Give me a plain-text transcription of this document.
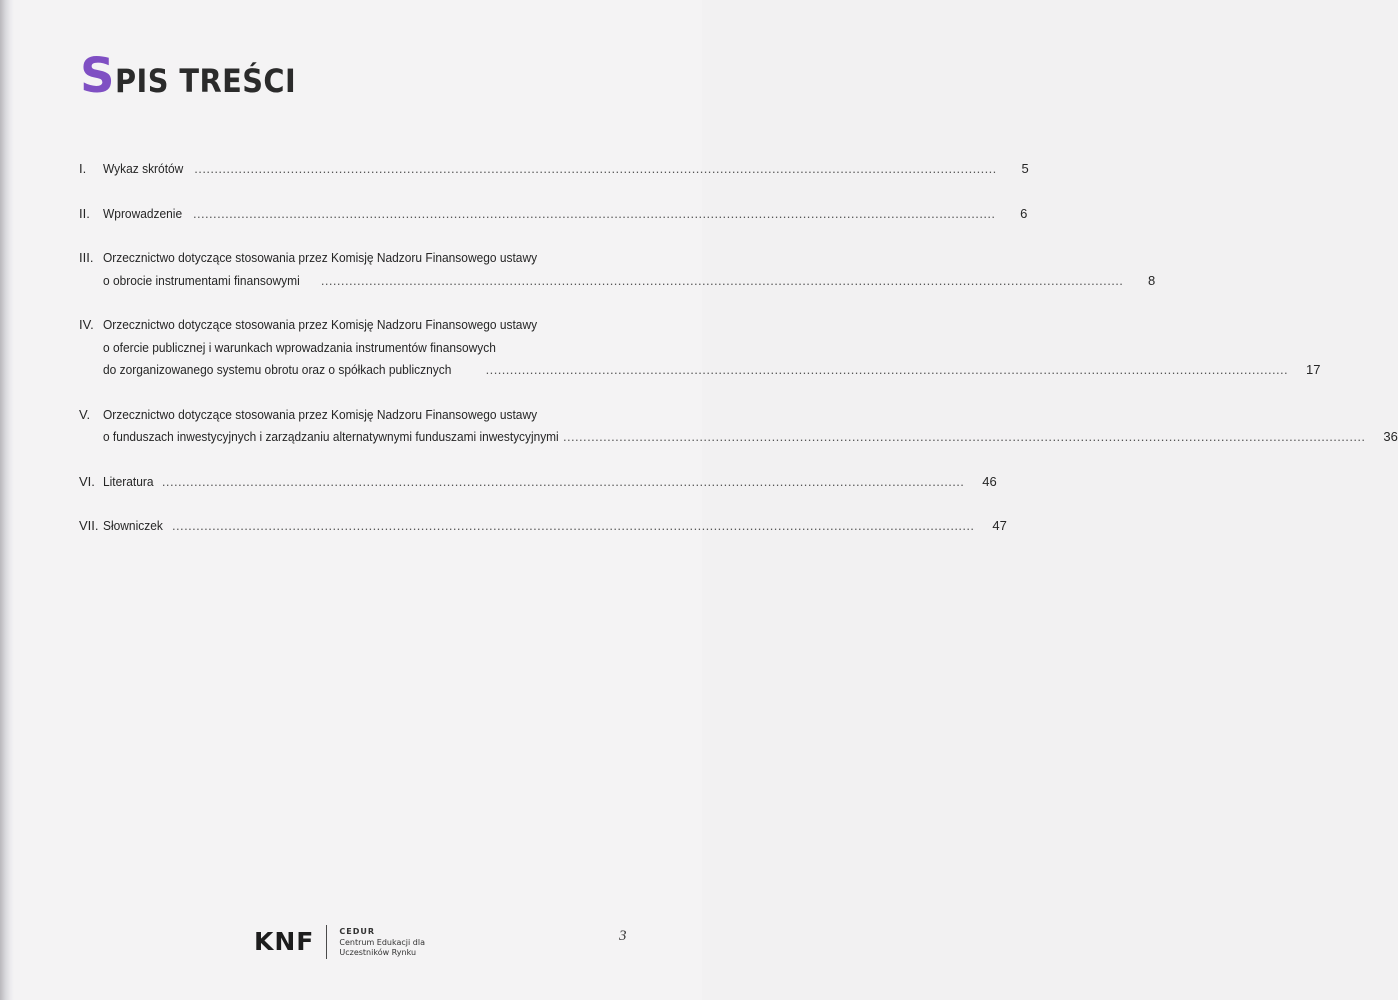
SPIS TREŚCI
I.	Wykaz skrótów ........................................................................................................................................................................................................	5
II.	Wprowadzenie ........................................................................................................................................................................................................	6
III. Orzecznictwo dotyczące stosowania przez Komisję Nadzoru Finansowego ustawy
o obrocie instrumentami finansowymi ........................................................................................................................................................................................................	8
IV. Orzecznictwo dotyczące stosowania przez Komisję Nadzoru Finansowego ustawy
o ofercie publicznej i warunkach wprowadzania instrumentów finansowych
do zorganizowanego systemu obrotu oraz o spółkach publicznych	........................................................................................................................................................................................................ 17
V. Orzecznictwo dotyczące stosowania przez Komisję Nadzoru Finansowego ustawy
o funduszach inwestycyjnych i zarządzaniu alternatywnymi funduszami inwestycyjnymi ........................................................................................................................................................................................................ 36
VI. Literatura ........................................................................................................................................................................................................ 46
VII. Słowniczek ........................................................................................................................................................................................................ 47
KNF	CEDUR
Centrum Edukacji dla
Uczestników Rynku
3
